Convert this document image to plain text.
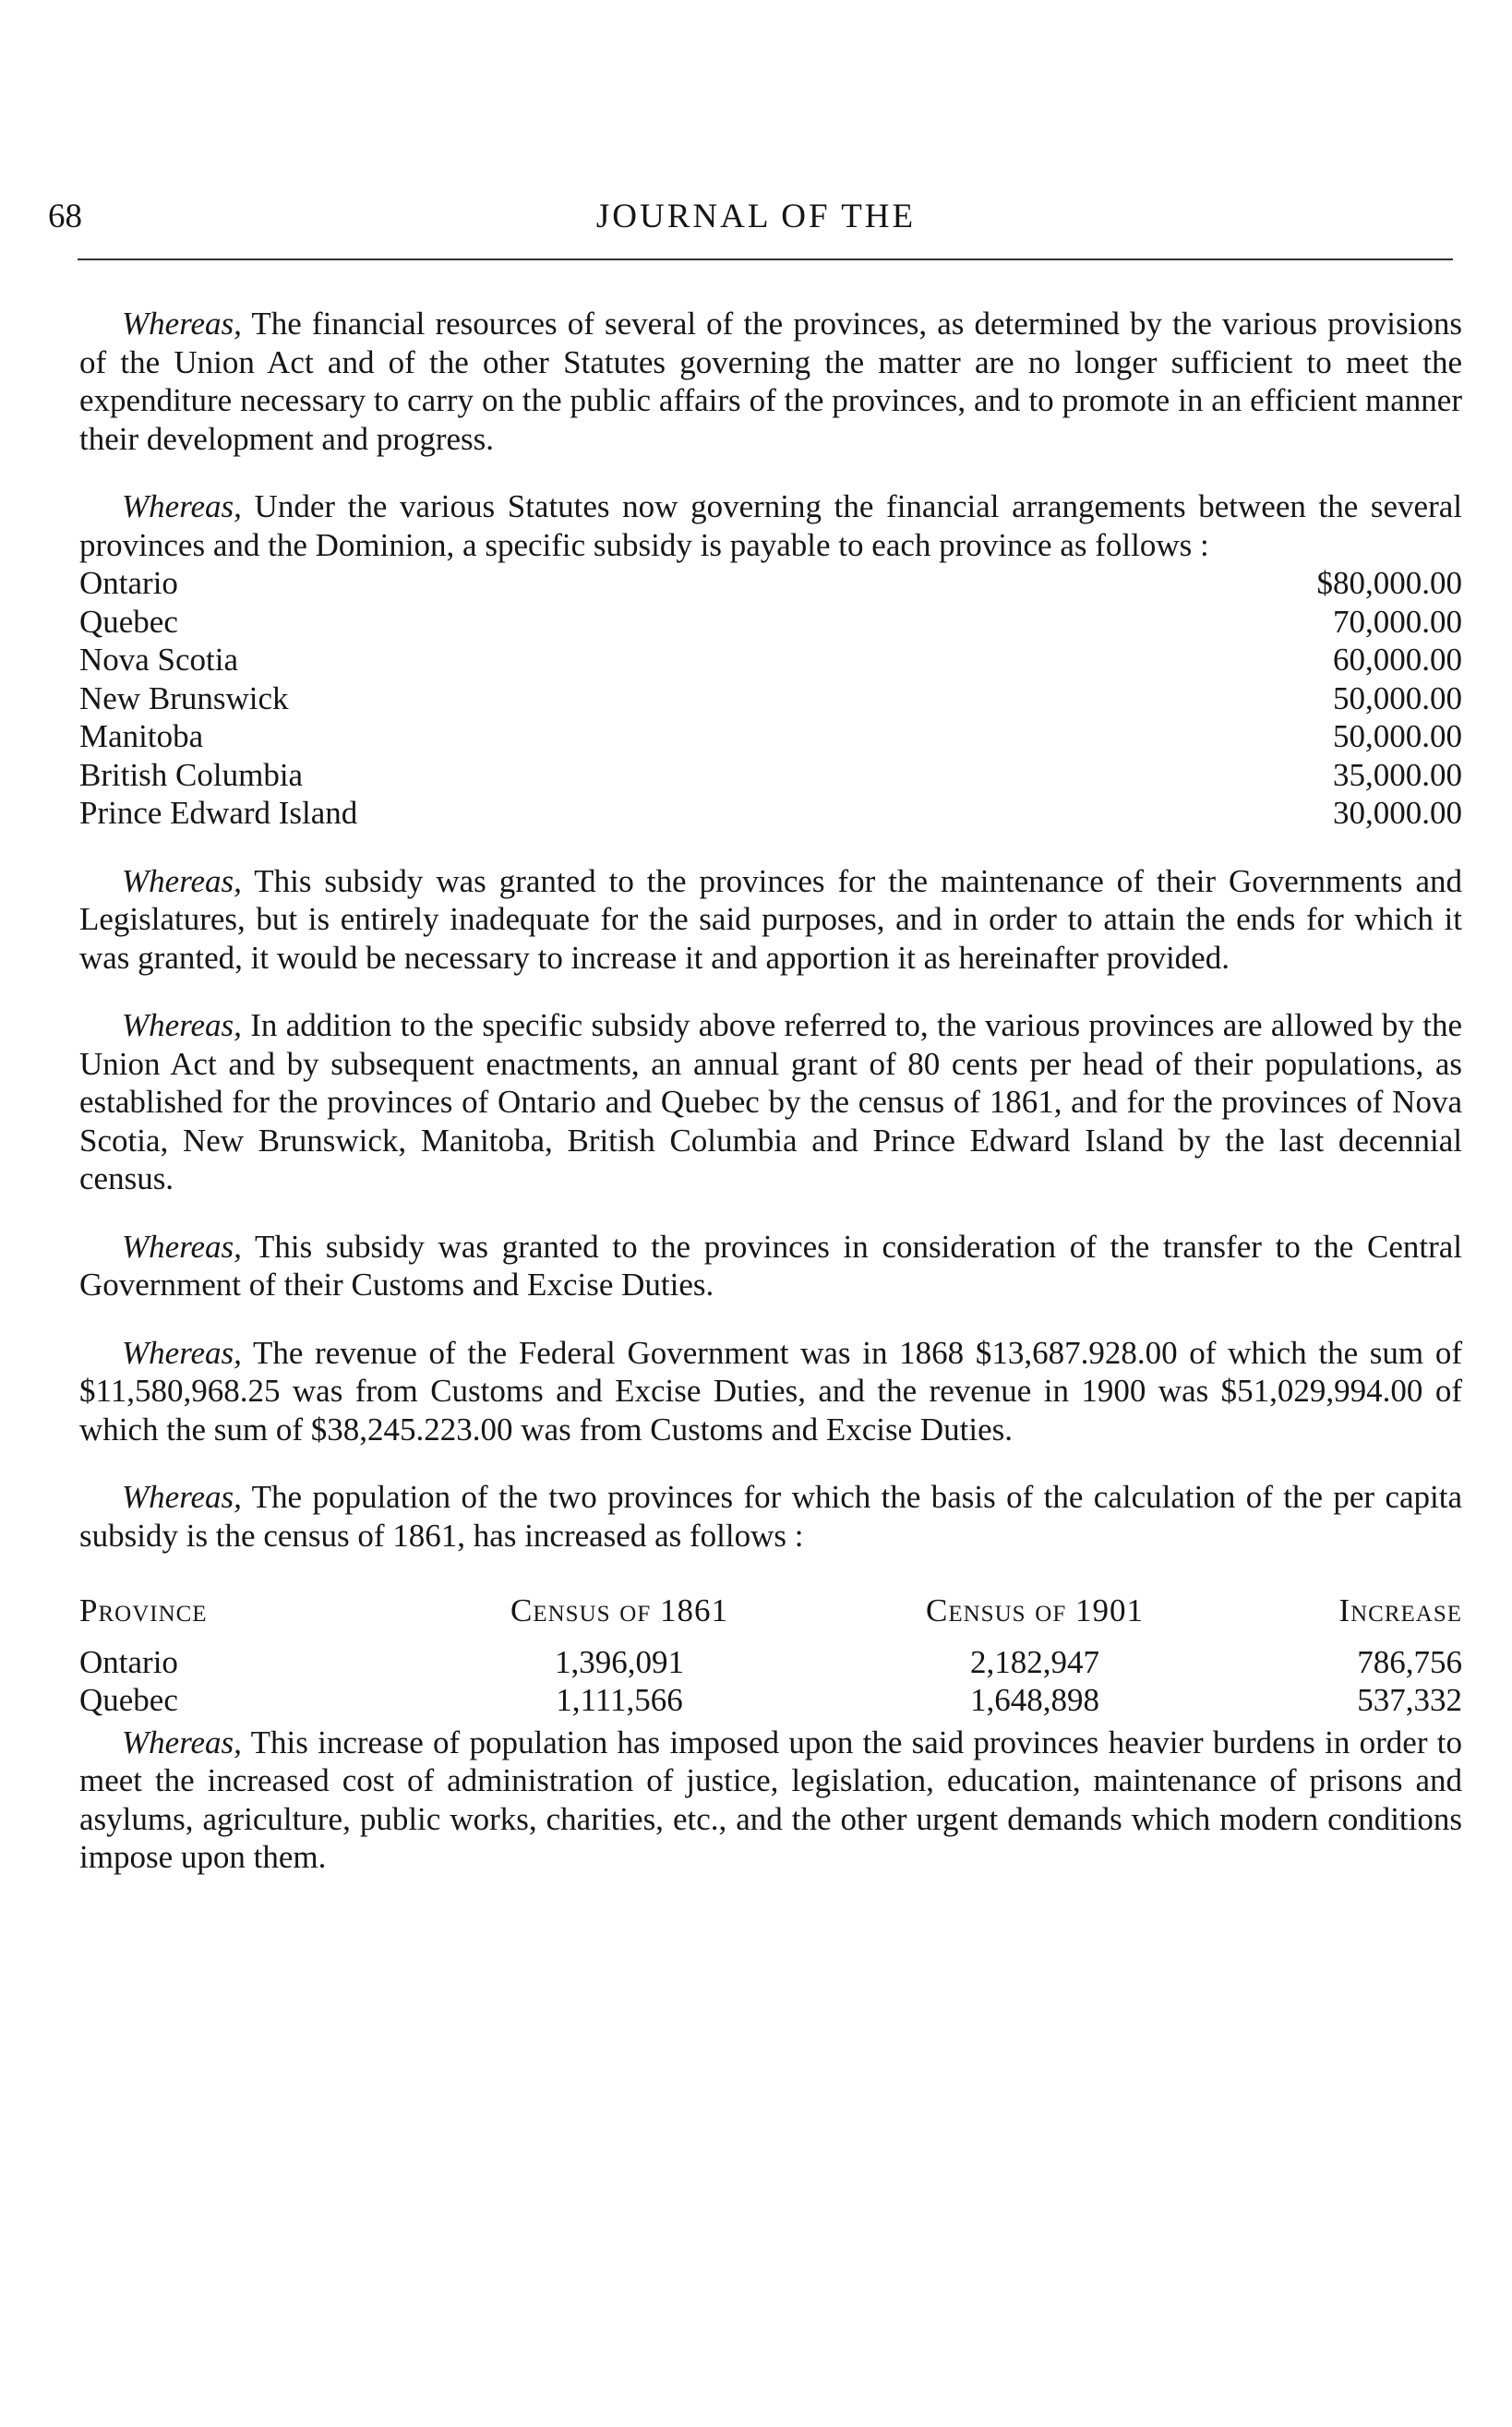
68	JOURNAL OF THE

Whereas, The financial resources of several of the provinces, as determined by the various provisions of the Union Act and of the other Statutes governing the matter are no longer sufficient to meet the expenditure necessary to carry on the public affairs of the provinces, and to promote in an efficient manner their development and progress.

Whereas, Under the various Statutes now governing the financial arrangements between the several provinces and the Dominion, a specific subsidy is payable to each province as follows :

Ontario	$80,000.00
Quebec	70,000.00
Nova Scotia	60,000.00
New Brunswick	50,000.00
Manitoba	50,000.00
British Columbia	35,000.00
Prince Edward Island	30,000.00

Whereas, This subsidy was granted to the provinces for the maintenance of their Governments and Legislatures, but is entirely inadequate for the said purposes, and in order to attain the ends for which it was granted, it would be necessary to increase it and apportion it as hereinafter provided.

Whereas, In addition to the specific subsidy above referred to, the various provinces are allowed by the Union Act and by subsequent enactments, an annual grant of 80 cents per head of their populations, as established for the provinces of Ontario and Quebec by the census of 1861, and for the provinces of Nova Scotia, New Brunswick, Manitoba, British Columbia and Prince Edward Island by the last decennial census.

Whereas, This subsidy was granted to the provinces in consideration of the transfer to the Central Government of their Customs and Excise Duties.

Whereas, The revenue of the Federal Government was in 1868 $13,687.928.00 of which the sum of $11,580,968.25 was from Customs and Excise Duties, and the revenue in 1900 was $51,029,994.00 of which the sum of $38,245.223.00 was from Customs and Excise Duties.

Whereas, The population of the two provinces for which the basis of the calculation of the per capita subsidy is the census of 1861, has increased as follows :

Province	Census of 1861	Census of 1901	Increase
Ontario	1,396,091	2,182,947	786,756
Quebec	1,111,566	1,648,898	537,332

Whereas, This increase of population has imposed upon the said provinces heavier burdens in order to meet the increased cost of administration of justice, legislation, education, maintenance of prisons and asylums, agriculture, public works, charities, etc., and the other urgent demands which modern conditions impose upon them.
